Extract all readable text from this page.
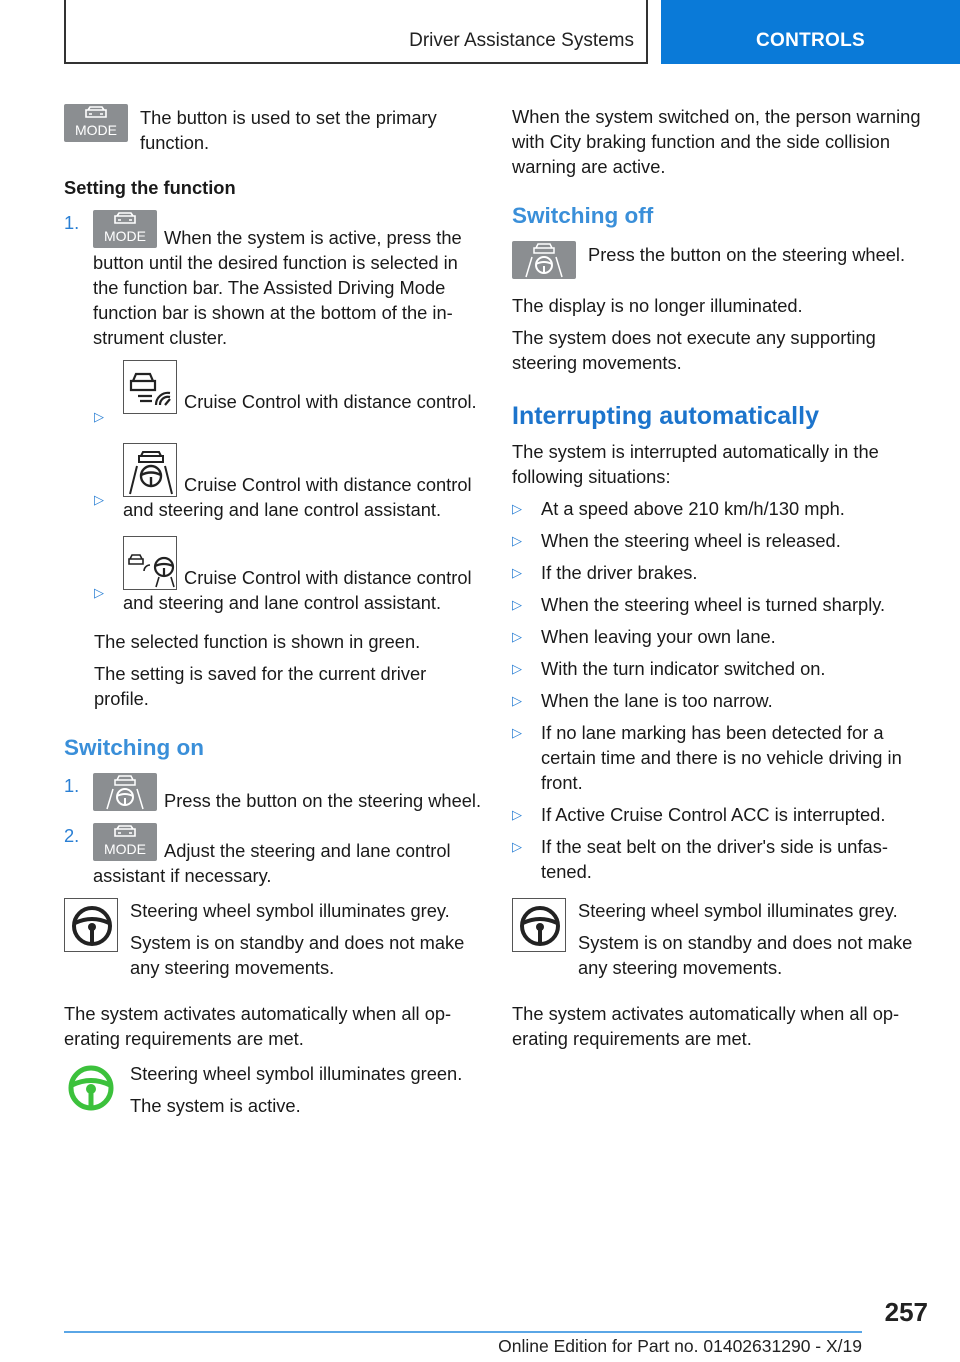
Driver Assistance Systems	CONTROLS
MODE
The button is used to set the primary function.
Setting the function
1.
MODE When the system is active, press the button until the desired function is selected in the function bar. The Assisted Driving Mode function bar is shown at the bottom of the instrument cluster.
▷
Cruise Control with distance control.
▷
Cruise Control with distance control and steering and lane control assistant.
▷
Cruise Control with distance control and steering and lane control assistant.

The selected function is shown in green.

The setting is saved for the current driver profile.

Switching on
1.
Press the button on the steering wheel.
2.
MODE Adjust the steering and lane control assistant if necessary.

Steering wheel symbol illuminates grey.

System is on standby and does not make any steering movements.

The system activates automatically when all operating requirements are met.

Steering wheel symbol illuminates green.

The system is active.

When the system switched on, the person warning with City braking function and the side collision warning are active.

Switching off
Press the button on the steering wheel.

The display is no longer illuminated.

The system does not execute any supporting steering movements.

Interrupting automatically

The system is interrupted automatically in the following situations:

▷	At a speed above 210 km/h/130 mph.
▷	When the steering wheel is released.
▷	If the driver brakes.
▷	When the steering wheel is turned sharply.
▷	When leaving your own lane.
▷	With the turn indicator switched on.
▷	When the lane is too narrow.
▷	If no lane marking has been detected for a certain time and there is no vehicle driving in front.
▷	If Active Cruise Control ACC is interrupted.
▷	If the seat belt on the driver's side is unfastened.

Steering wheel symbol illuminates grey.

System is on standby and does not make any steering movements.

The system activates automatically when all operating requirements are met.

257
Online Edition for Part no. 01402631290 - X/19
